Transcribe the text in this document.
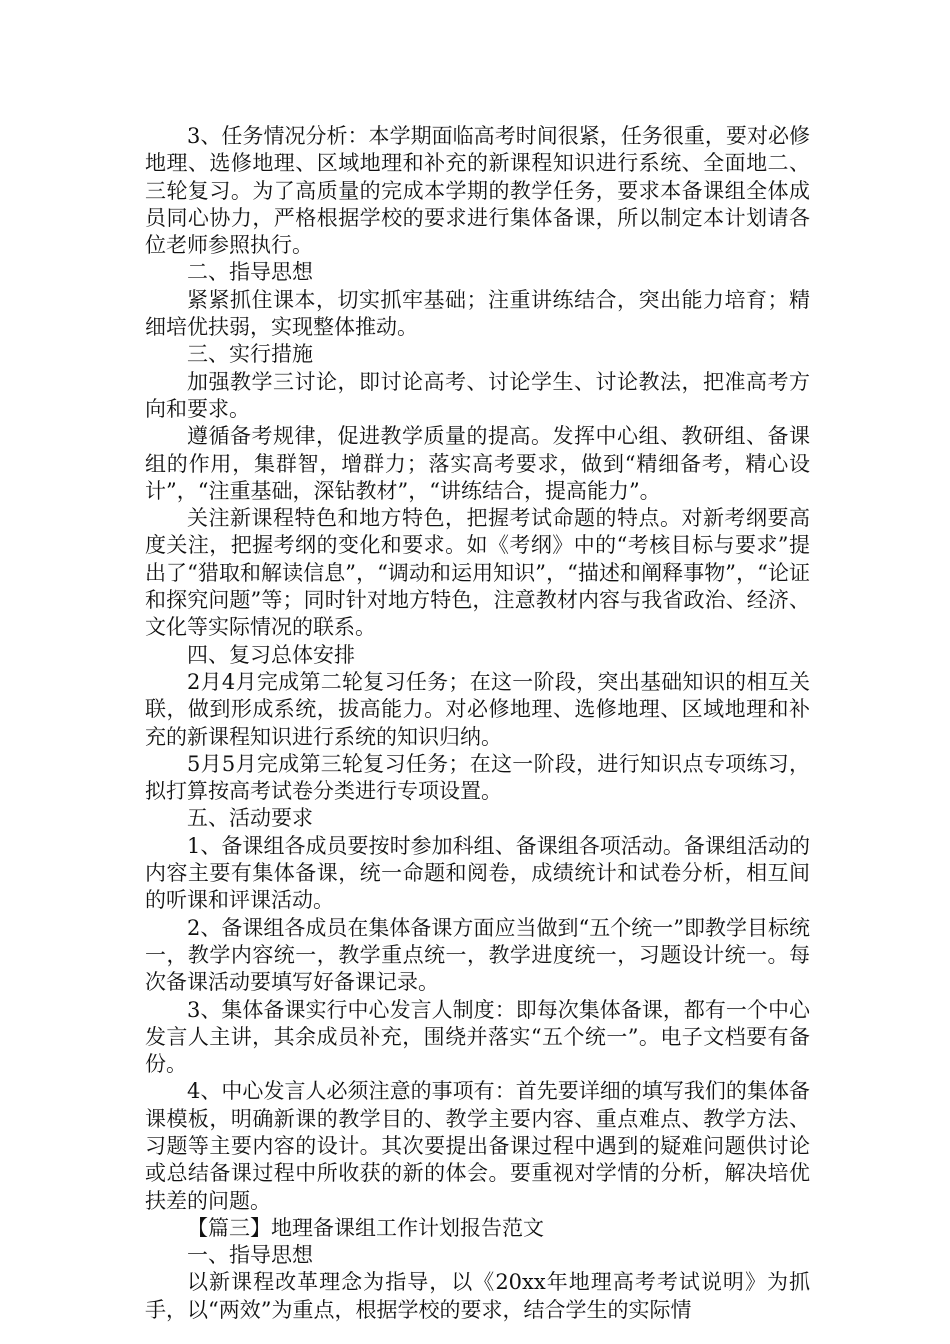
3、任务情况分析：本学期面临高考时间很紧，任务很重，要对必修地理、选修地理、区域地理和补充的新课程知识进行系统、全面地二、三轮复习。为了高质量的完成本学期的教学任务，要求本备课组全体成员同心协力，严格根据学校的要求进行集体备课，所以制定本计划请各位老师参照执行。

二、指导思想

紧紧抓住课本，切实抓牢基础；注重讲练结合，突出能力培育；精细培优扶弱，实现整体推动。

三、实行措施

加强教学三讨论，即讨论高考、讨论学生、讨论教法，把准高考方向和要求。

遵循备考规律，促进教学质量的提高。发挥中心组、教研组、备课组的作用，集群智，增群力；落实高考要求，做到“精细备考，精心设计”，“注重基础，深钻教材”，“讲练结合，提高能力”。

关注新课程特色和地方特色，把握考试命题的特点。对新考纲要高度关注，把握考纲的变化和要求。如《考纲》中的“考核目标与要求”提出了“猎取和解读信息”，“调动和运用知识”，“描述和阐释事物”，“论证和探究问题”等；同时针对地方特色，注意教材内容与我省政治、经济、文化等实际情况的联系。

四、复习总体安排

2月4月完成第二轮复习任务；在这一阶段，突出基础知识的相互关联，做到形成系统，拔高能力。对必修地理、选修地理、区域地理和补充的新课程知识进行系统的知识归纳。

5月5月完成第三轮复习任务；在这一阶段，进行知识点专项练习，拟打算按高考试卷分类进行专项设置。

五、活动要求

1、备课组各成员要按时参加科组、备课组各项活动。备课组活动的内容主要有集体备课，统一命题和阅卷，成绩统计和试卷分析，相互间的听课和评课活动。

2、备课组各成员在集体备课方面应当做到“五个统一”即教学目标统一，教学内容统一，教学重点统一，教学进度统一，习题设计统一。每次备课活动要填写好备课记录。

3、集体备课实行中心发言人制度：即每次集体备课，都有一个中心发言人主讲，其余成员补充，围绕并落实“五个统一”。电子文档要有备份。

4、中心发言人必须注意的事项有：首先要详细的填写我们的集体备课模板，明确新课的教学目的、教学主要内容、重点难点、教学方法、习题等主要内容的设计。其次要提出备课过程中遇到的疑难问题供讨论或总结备课过程中所收获的新的体会。要重视对学情的分析，解决培优扶差的问题。

【篇三】地理备课组工作计划报告范文

一、指导思想

以新课程改革理念为指导，以《20xx年地理高考考试说明》为抓手，以“两效”为重点，根据学校的要求，结合学生的实际情
